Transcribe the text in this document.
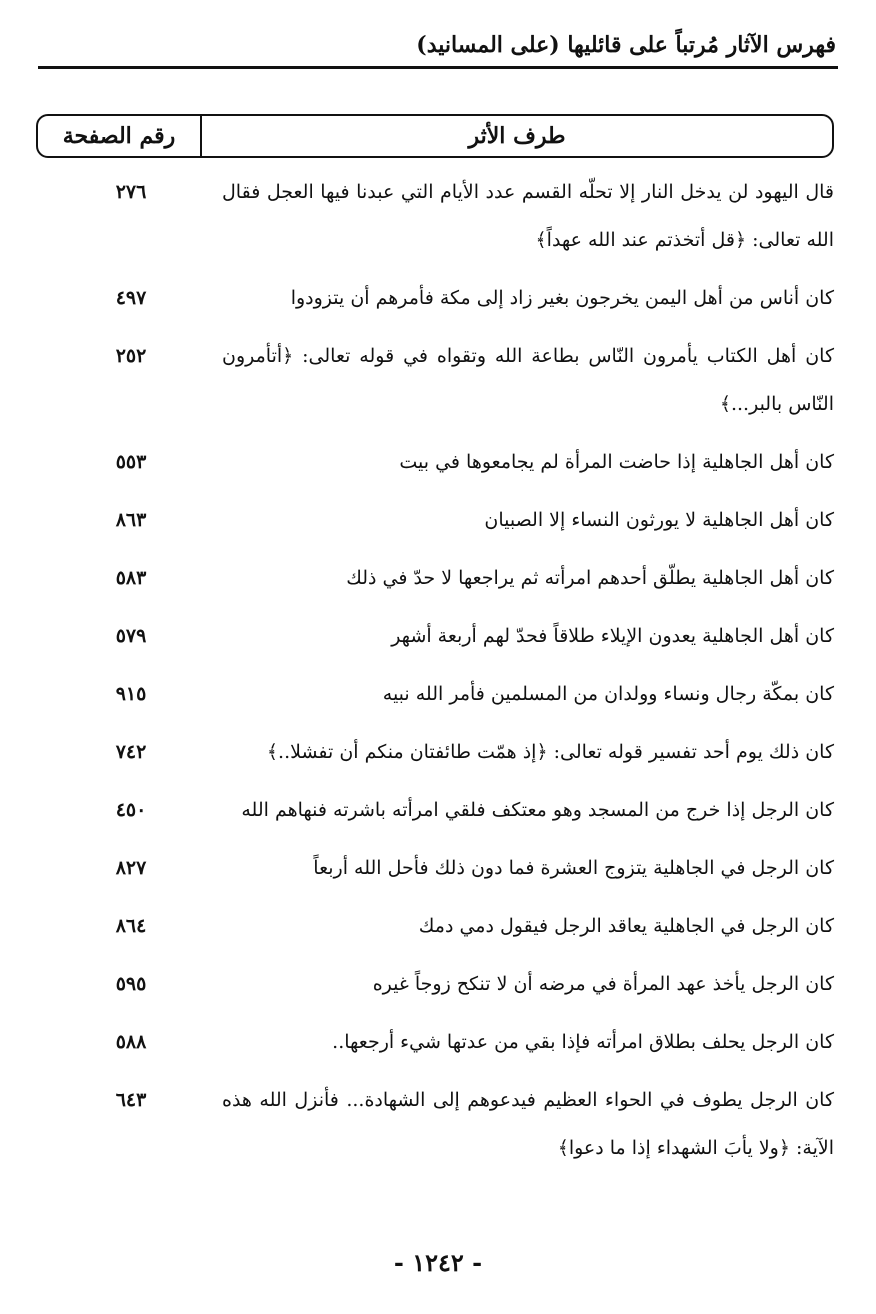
فهرس الآثار مُرتباً على قائليها (على المسانيد)
طرف الأثر
رقم الصفحة
قال اليهود لن يدخل النار إلا تحلّه القسم عدد الأيام التي عبدنا فيها العجل فقال الله تعالى: ﴿قل أتخذتم عند الله عهداً﴾
٢٧٦
كان أناس من أهل اليمن يخرجون بغير زاد إلى مكة فأمرهم أن يتزودوا
٤٩٧
كان أهل الكتاب يأمرون النّاس بطاعة الله وتقواه في قوله تعالى: ﴿أتأمرون النّاس بالبر...﴾
٢٥٢
كان أهل الجاهلية إذا حاضت المرأة لم يجامعوها في بيت
٥٥٣
كان أهل الجاهلية لا يورثون النساء إلا الصبيان
٨٦٣
كان أهل الجاهلية يطلّق أحدهم امرأته ثم يراجعها لا حدّ في ذلك
٥٨٣
كان أهل الجاهلية يعدون الإيلاء طلاقاً فحدّ لهم أربعة أشهر
٥٧٩
كان بمكّة رجال ونساء وولدان من المسلمين فأمر الله نبيه
٩١٥
كان ذلك يوم أحد تفسير قوله تعالى: ﴿إذ همّت طائفتان منكم أن تفشلا..﴾
٧٤٢
كان الرجل إذا خرج من المسجد وهو معتكف فلقي امرأته باشرته فنهاهم الله
٤٥٠
كان الرجل في الجاهلية يتزوج العشرة فما دون ذلك فأحل الله أربعاً
٨٢٧
كان الرجل في الجاهلية يعاقد الرجل فيقول دمي دمك
٨٦٤
كان الرجل يأخذ عهد المرأة في مرضه أن لا تنكح زوجاً غيره
٥٩٥
كان الرجل يحلف بطلاق امرأته فإذا بقي من عدتها شيء أرجعها..
٥٨٨
كان الرجل يطوف في الحواء العظيم فيدعوهم إلى الشهادة... فأنزل الله هذه الآية: ﴿ولا يأبَ الشهداء إذا ما دعوا﴾
٦٤٣
- ١٢٤٢ -
